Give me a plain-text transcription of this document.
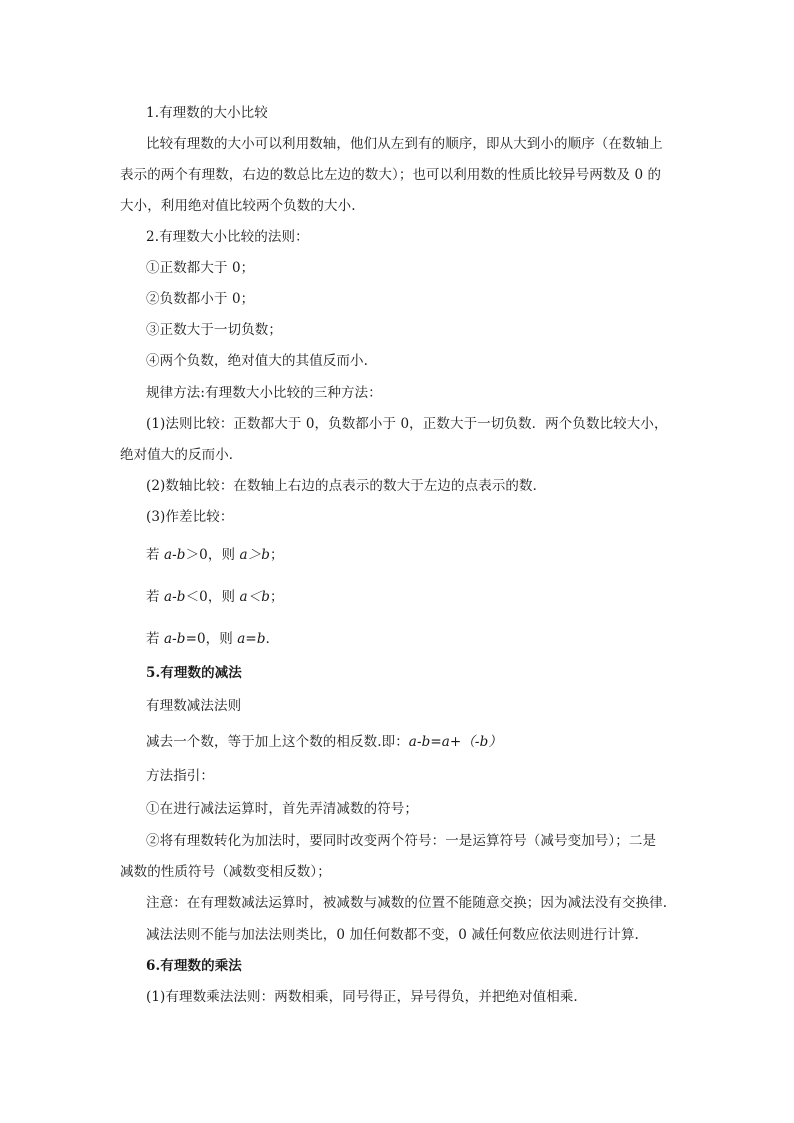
1.有理数的大小比较
比较有理数的大小可以利用数轴，他们从左到有的顺序，即从大到小的顺序（在数轴上
表示的两个有理数，右边的数总比左边的数大）；也可以利用数的性质比较异号两数及 0 的
大小，利用绝对值比较两个负数的大小.
2.有理数大小比较的法则：
①正数都大于 0；
②负数都小于 0；
③正数大于一切负数；
④两个负数，绝对值大的其值反而小.
规律方法:有理数大小比较的三种方法：
(1)法则比较：正数都大于 0，负数都小于 0，正数大于一切负数．两个负数比较大小，
绝对值大的反而小．
(2)数轴比较：在数轴上右边的点表示的数大于左边的点表示的数．
(3)作差比较：
若 a-b＞0，则 a＞b；
若 a-b＜0，则 a＜b；
若 a-b=0，则 a=b．
5.有理数的减法
有理数减法法则
减去一个数，等于加上这个数的相反数.即：a-b=a+（-b）
方法指引：
①在进行减法运算时，首先弄清减数的符号；
②将有理数转化为加法时，要同时改变两个符号：一是运算符号（减号变加号）；二是
减数的性质符号（减数变相反数）；
注意：在有理数减法运算时，被减数与减数的位置不能随意交换；因为减法没有交换律.
减法法则不能与加法法则类比，0 加任何数都不变，0 减任何数应依法则进行计算.
6.有理数的乘法
(1)有理数乘法法则：两数相乘，同号得正，异号得负，并把绝对值相乘.
